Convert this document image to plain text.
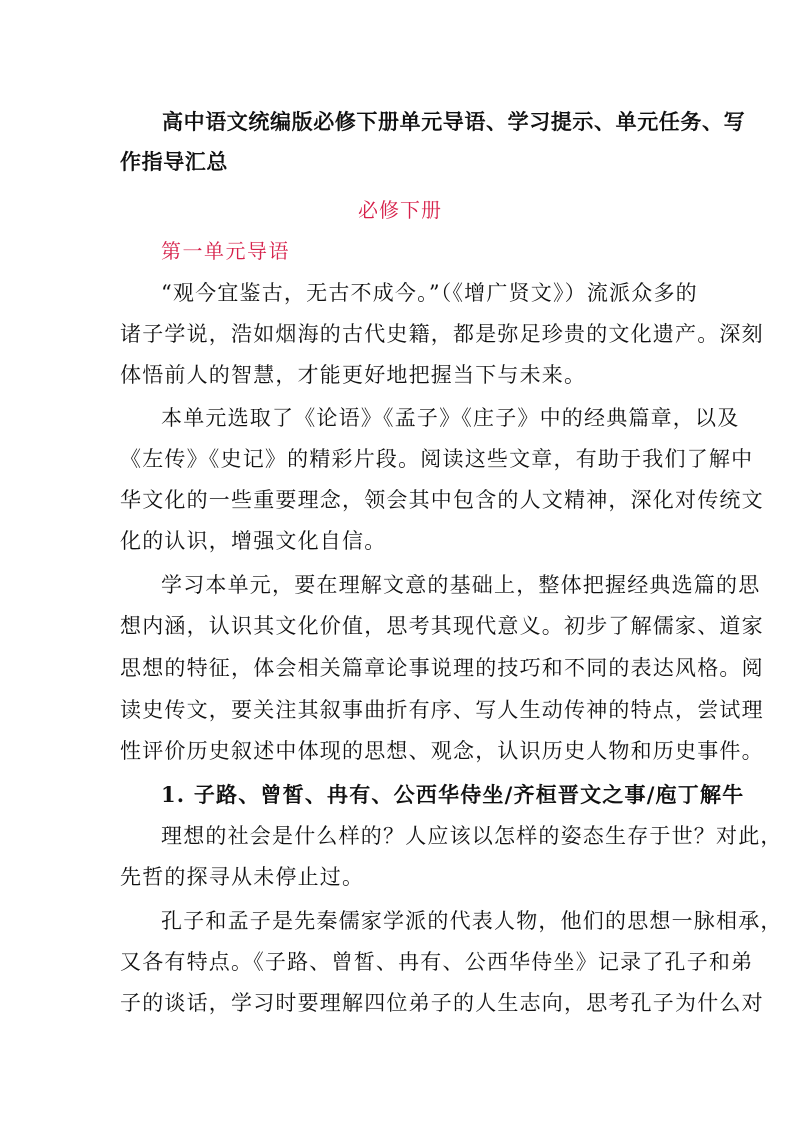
高中语文统编版必修下册单元导语、学习提示、单元任务、写
作指导汇总
必修下册
第一单元导语
“观今宜鉴古，无古不成今。”（《增广贤文》）流派众多的
诸子学说，浩如烟海的古代史籍，都是弥足珍贵的文化遗产。深刻
体悟前人的智慧，才能更好地把握当下与未来。
本单元选取了《论语》《孟子》《庄子》中的经典篇章，以及
《左传》《史记》的精彩片段。阅读这些文章，有助于我们了解中
华文化的一些重要理念，领会其中包含的人文精神，深化对传统文
化的认识，增强文化自信。
学习本单元，要在理解文意的基础上，整体把握经典选篇的思
想内涵，认识其文化价值，思考其现代意义。初步了解儒家、道家
思想的特征，体会相关篇章论事说理的技巧和不同的表达风格。阅
读史传文，要关注其叙事曲折有序、写人生动传神的特点，尝试理
性评价历史叙述中体现的思想、观念，认识历史人物和历史事件。
1. 子路、曾皙、冉有、公西华侍坐/齐桓晋文之事/庖丁解牛
理想的社会是什么样的？人应该以怎样的姿态生存于世？对此，
先哲的探寻从未停止过。
孔子和孟子是先秦儒家学派的代表人物，他们的思想一脉相承，
又各有特点。《子路、曾皙、冉有、公西华侍坐》记录了孔子和弟
子的谈话，学习时要理解四位弟子的人生志向，思考孔子为什么对
